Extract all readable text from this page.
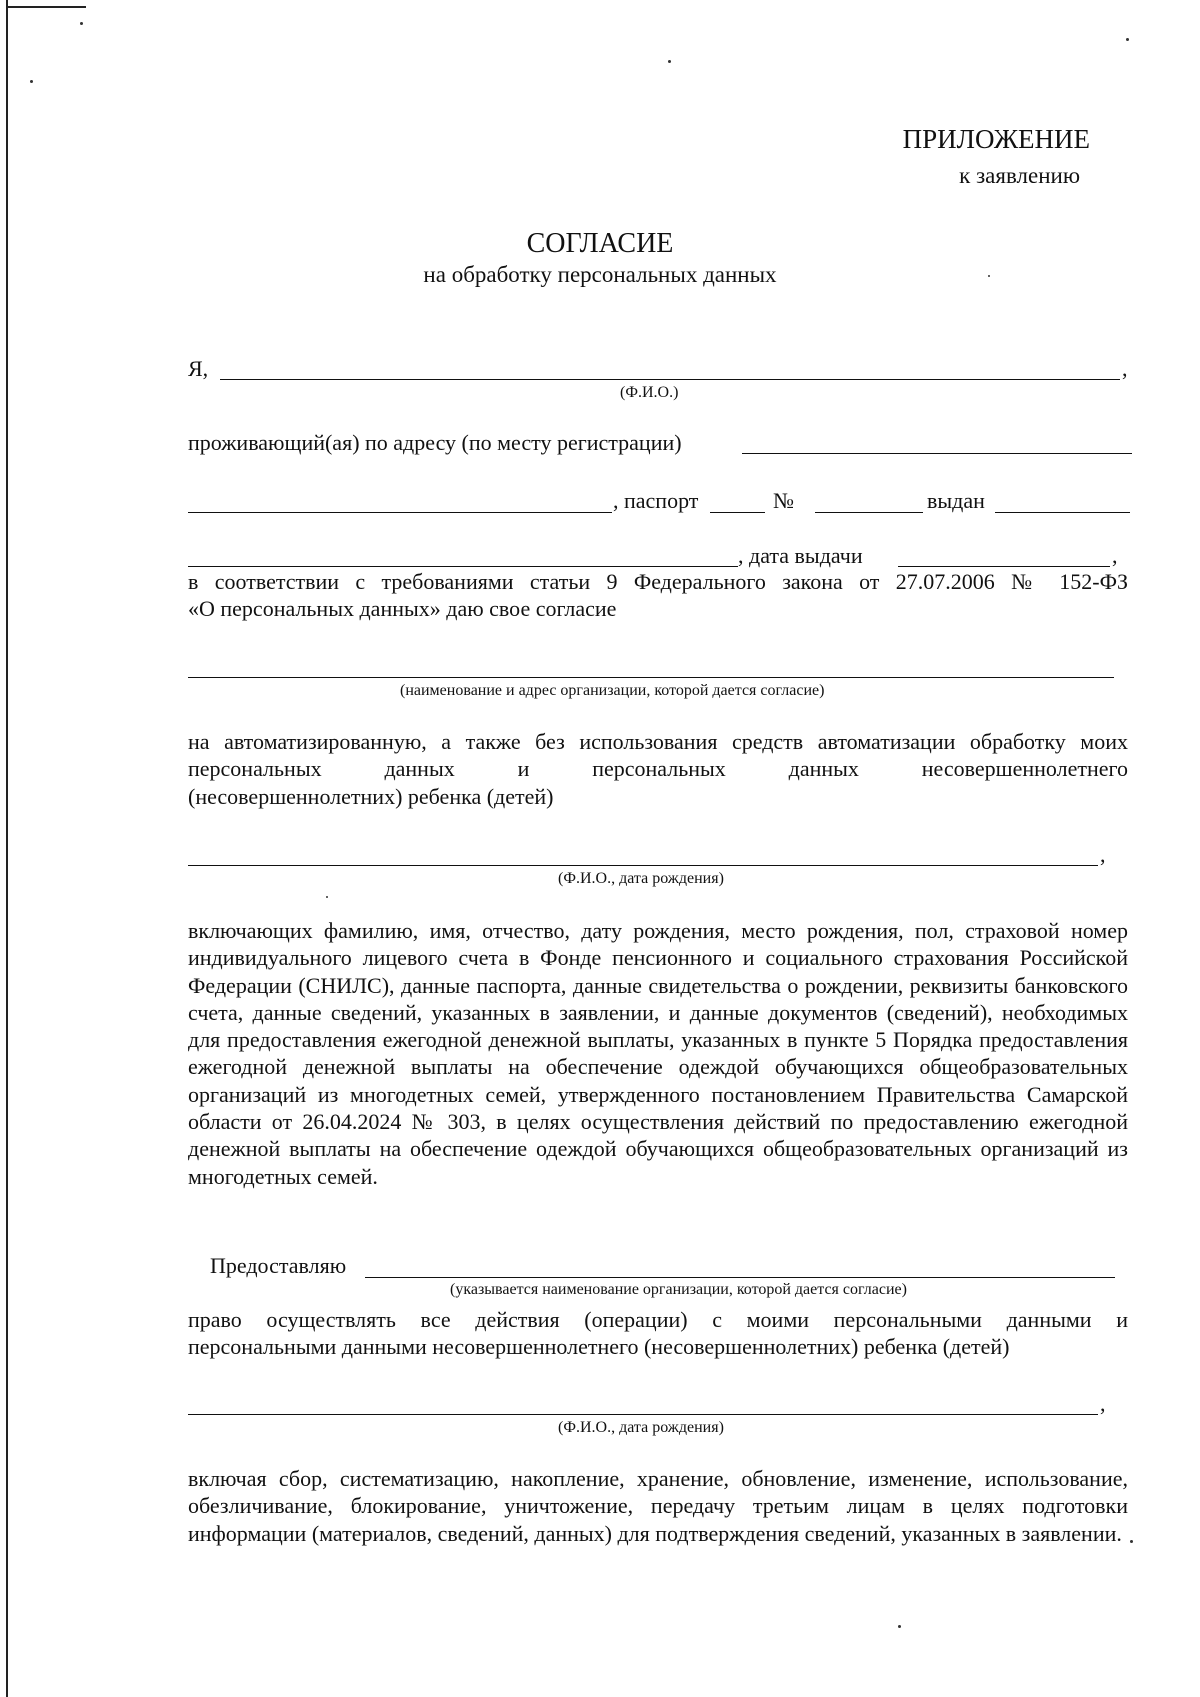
ПРИЛОЖЕНИЕ
к заявлению
СОГЛАСИЕ
на обработку персональных данных
Я,	,
(Ф.И.О.)
проживающий(ая) по адресу (по месту регистрации)
, паспорт	№	выдан
, дата выдачи	,
в соответствии с требованиями статьи 9 Федерального закона от 27.07.2006 № 152-ФЗ
«О персональных данных» даю свое согласие
(наименование и адрес организации, которой дается согласие)
на автоматизированную, а также без использования средств автоматизации обработку моих
персональных данных и персональных данных несовершеннолетнего
(несовершеннолетних) ребенка (детей)
,
(Ф.И.О., дата рождения)
включающих фамилию, имя, отчество, дату рождения, место рождения, пол, страховой номер индивидуального лицевого счета в Фонде пенсионного и социального страхования Российской Федерации (СНИЛС), данные паспорта, данные свидетельства о рождении, реквизиты банковского счета, данные сведений, указанных в заявлении, и данные документов (сведений), необходимых для предоставления ежегодной денежной выплаты, указанных в пункте 5 Порядка предоставления ежегодной денежной выплаты на обеспечение одеждой обучающихся общеобразовательных организаций из многодетных семей, утвержденного постановлением Правительства Самарской области от 26.04.2024 № 303, в целях осуществления действий по предоставлению ежегодной денежной выплаты на обеспечение одеждой обучающихся общеобразовательных организаций из многодетных семей.
Предоставляю
(указывается наименование организации, которой дается согласие)
право осуществлять все действия (операции) с моими персональными данными и
персональными данными несовершеннолетнего (несовершеннолетних) ребенка (детей)
,
(Ф.И.О., дата рождения)
включая сбор, систематизацию, накопление, хранение, обновление, изменение, использование, обезличивание, блокирование, уничтожение, передачу третьим лицам в целях подготовки информации (материалов, сведений, данных) для подтверждения сведений, указанных в заявлении.
